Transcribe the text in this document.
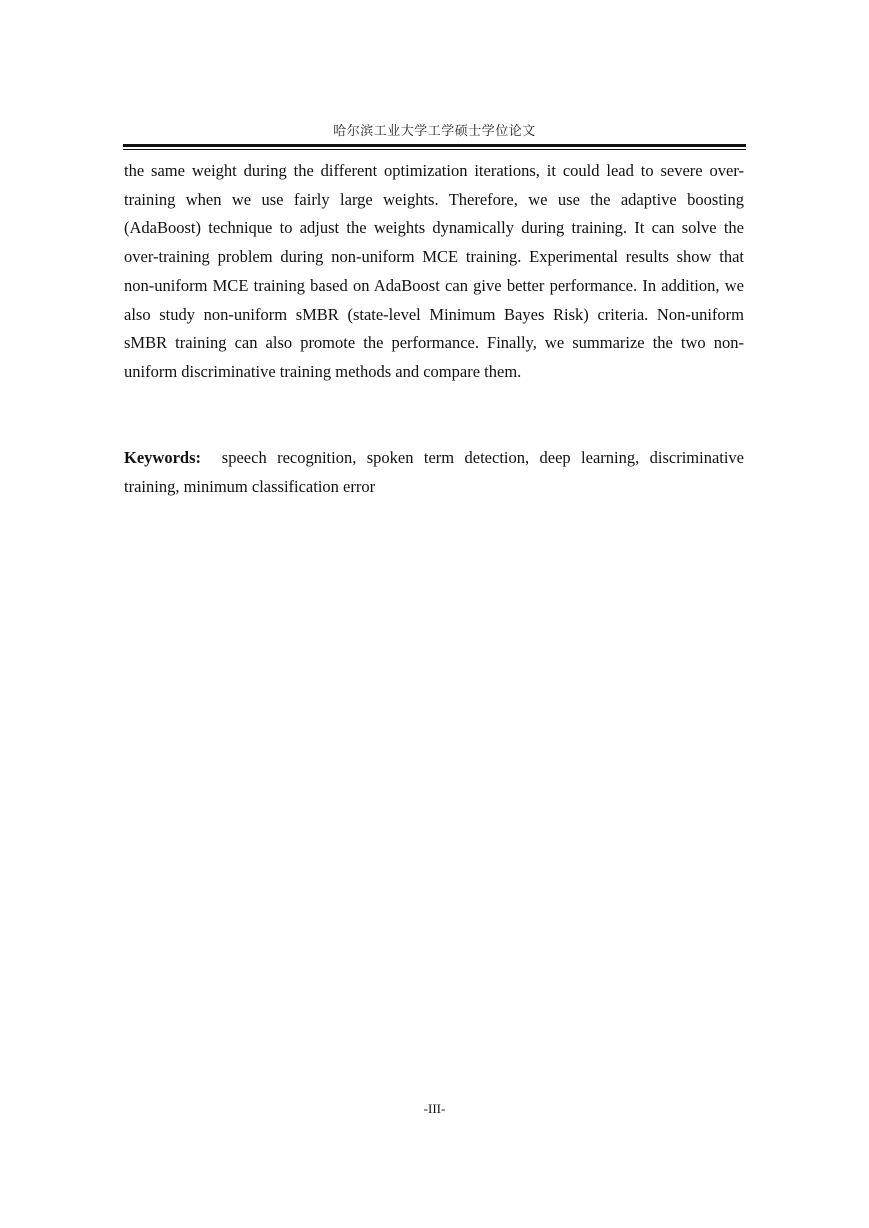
哈尔滨工业大学工学硕士学位论文

the same weight during the different optimization iterations, it could lead to severe over-training when we use fairly large weights. Therefore, we use the adaptive boosting (AdaBoost) technique to adjust the weights dynamically during training. It can solve the over-training problem during non-uniform MCE training. Experimental results show that non-uniform MCE training based on AdaBoost can give better performance. In addition, we also study non-uniform sMBR (state-level Minimum Bayes Risk) criteria. Non-uniform sMBR training can also promote the performance. Finally, we summarize the two non-uniform discriminative training methods and compare them.

Keywords: speech recognition, spoken term detection, deep learning, discriminative training, minimum classification error

-III-
